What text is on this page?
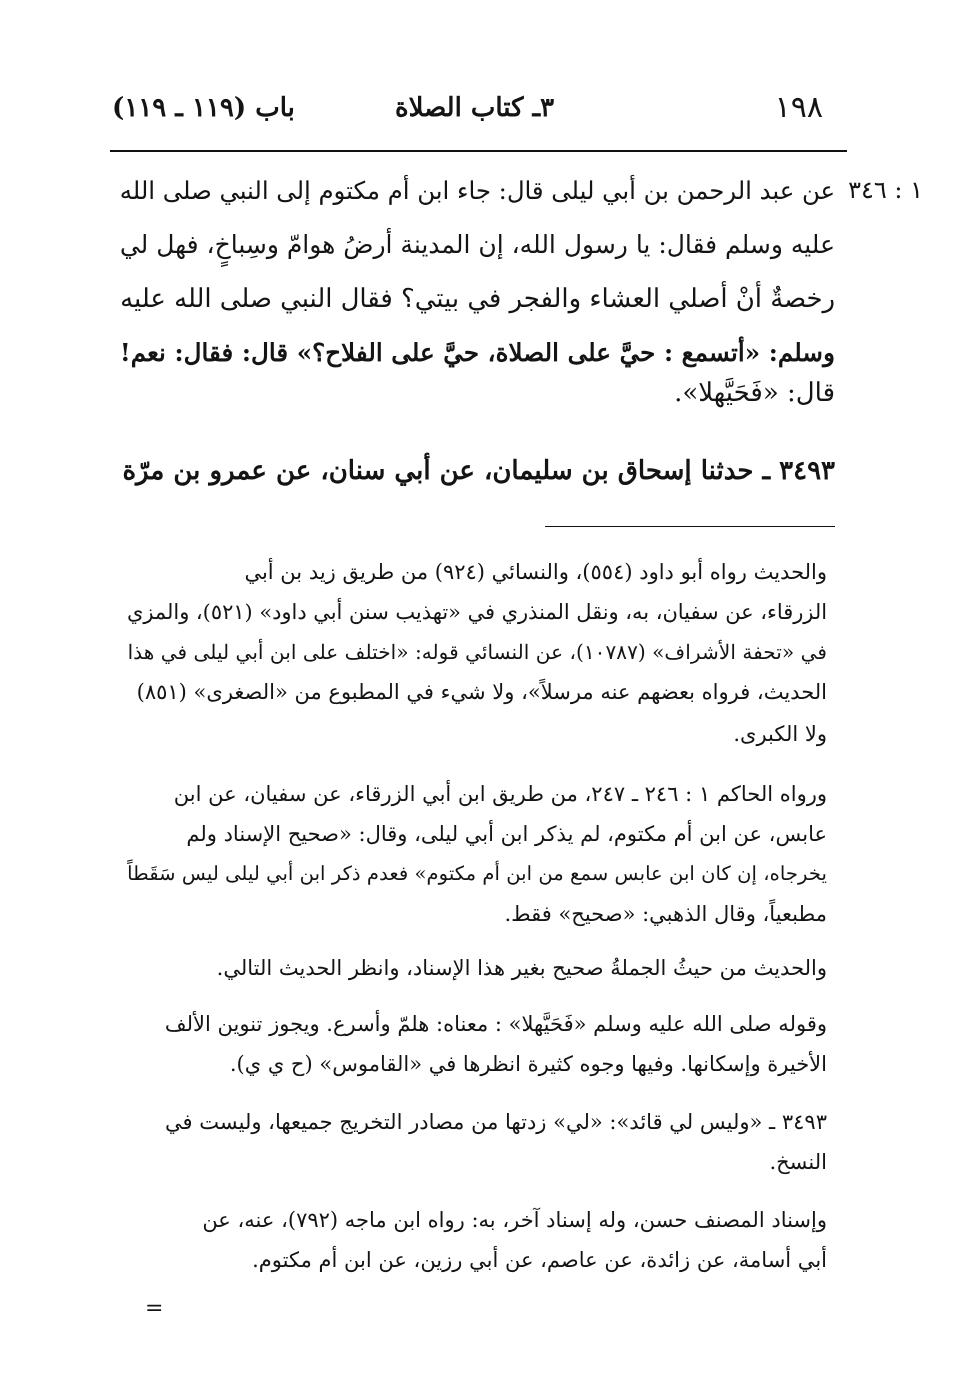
١٩٨
٣ـ كتاب الصلاة
باب (١١٩ ـ ١١٩)
١ : ٣٤٦
عن عبد الرحمن بن أبي ليلى قال: جاء ابن أم مكتوم إلى النبي صلى الله
عليه وسلم فقال: يا رسول الله، إن المدينة أرضُ هوامّ وسِباخٍ، فهل لي
رخصةٌ أنْ أصلي العشاء والفجر في بيتي؟ فقال النبي صلى الله عليه
وسلم: «أتسمع : حيَّ على الصلاة، حيَّ على الفلاح؟» قال: فقال: نعم!
قال: «فَحَيَّهلا».
٣٤٩٣ ـ حدثنا إسحاق بن سليمان، عن أبي سنان، عن عمرو بن مرّة
والحديث رواه أبو داود (٥٥٤)، والنسائي (٩٢٤) من طريق زيد بن أبي
الزرقاء، عن سفيان، به، ونقل المنذري في «تهذيب سنن أبي داود» (٥٢١)، والمزي
في «تحفة الأشراف» (١٠٧٨٧)، عن النسائي قوله: «اختلف على ابن أبي ليلى في هذا
الحديث، فرواه بعضهم عنه مرسلاً»، ولا شيء في المطبوع من «الصغرى» (٨٥١)
ولا الكبرى.
ورواه الحاكم ١ : ٢٤٦ ـ ٢٤٧، من طريق ابن أبي الزرقاء، عن سفيان، عن ابن
عابس، عن ابن أم مكتوم، لم يذكر ابن أبي ليلى، وقال: «صحيح الإسناد ولم
يخرجاه، إن كان ابن عابس سمع من ابن أم مكتوم» فعدم ذكر ابن أبي ليلى ليس سَقَطاً
مطبعياً، وقال الذهبي: «صحيح» فقط.
والحديث من حيثُ الجملةُ صحيح بغير هذا الإسناد، وانظر الحديث التالي.
وقوله صلى الله عليه وسلم «فَحَيَّهلا» : معناه: هلمّ وأسرع. ويجوز تنوين الألف
الأخيرة وإسكانها. وفيها وجوه كثيرة انظرها في «القاموس» (ح ي ي).
٣٤٩٣ ـ «وليس لي قائد»: «لي» زدتها من مصادر التخريج جميعها، وليست في
النسخ.
وإسناد المصنف حسن، وله إسناد آخر، به: رواه ابن ماجه (٧٩٢)، عنه، عن
أبي أسامة، عن زائدة، عن عاصم، عن أبي رزين، عن ابن أم مكتوم.
=
